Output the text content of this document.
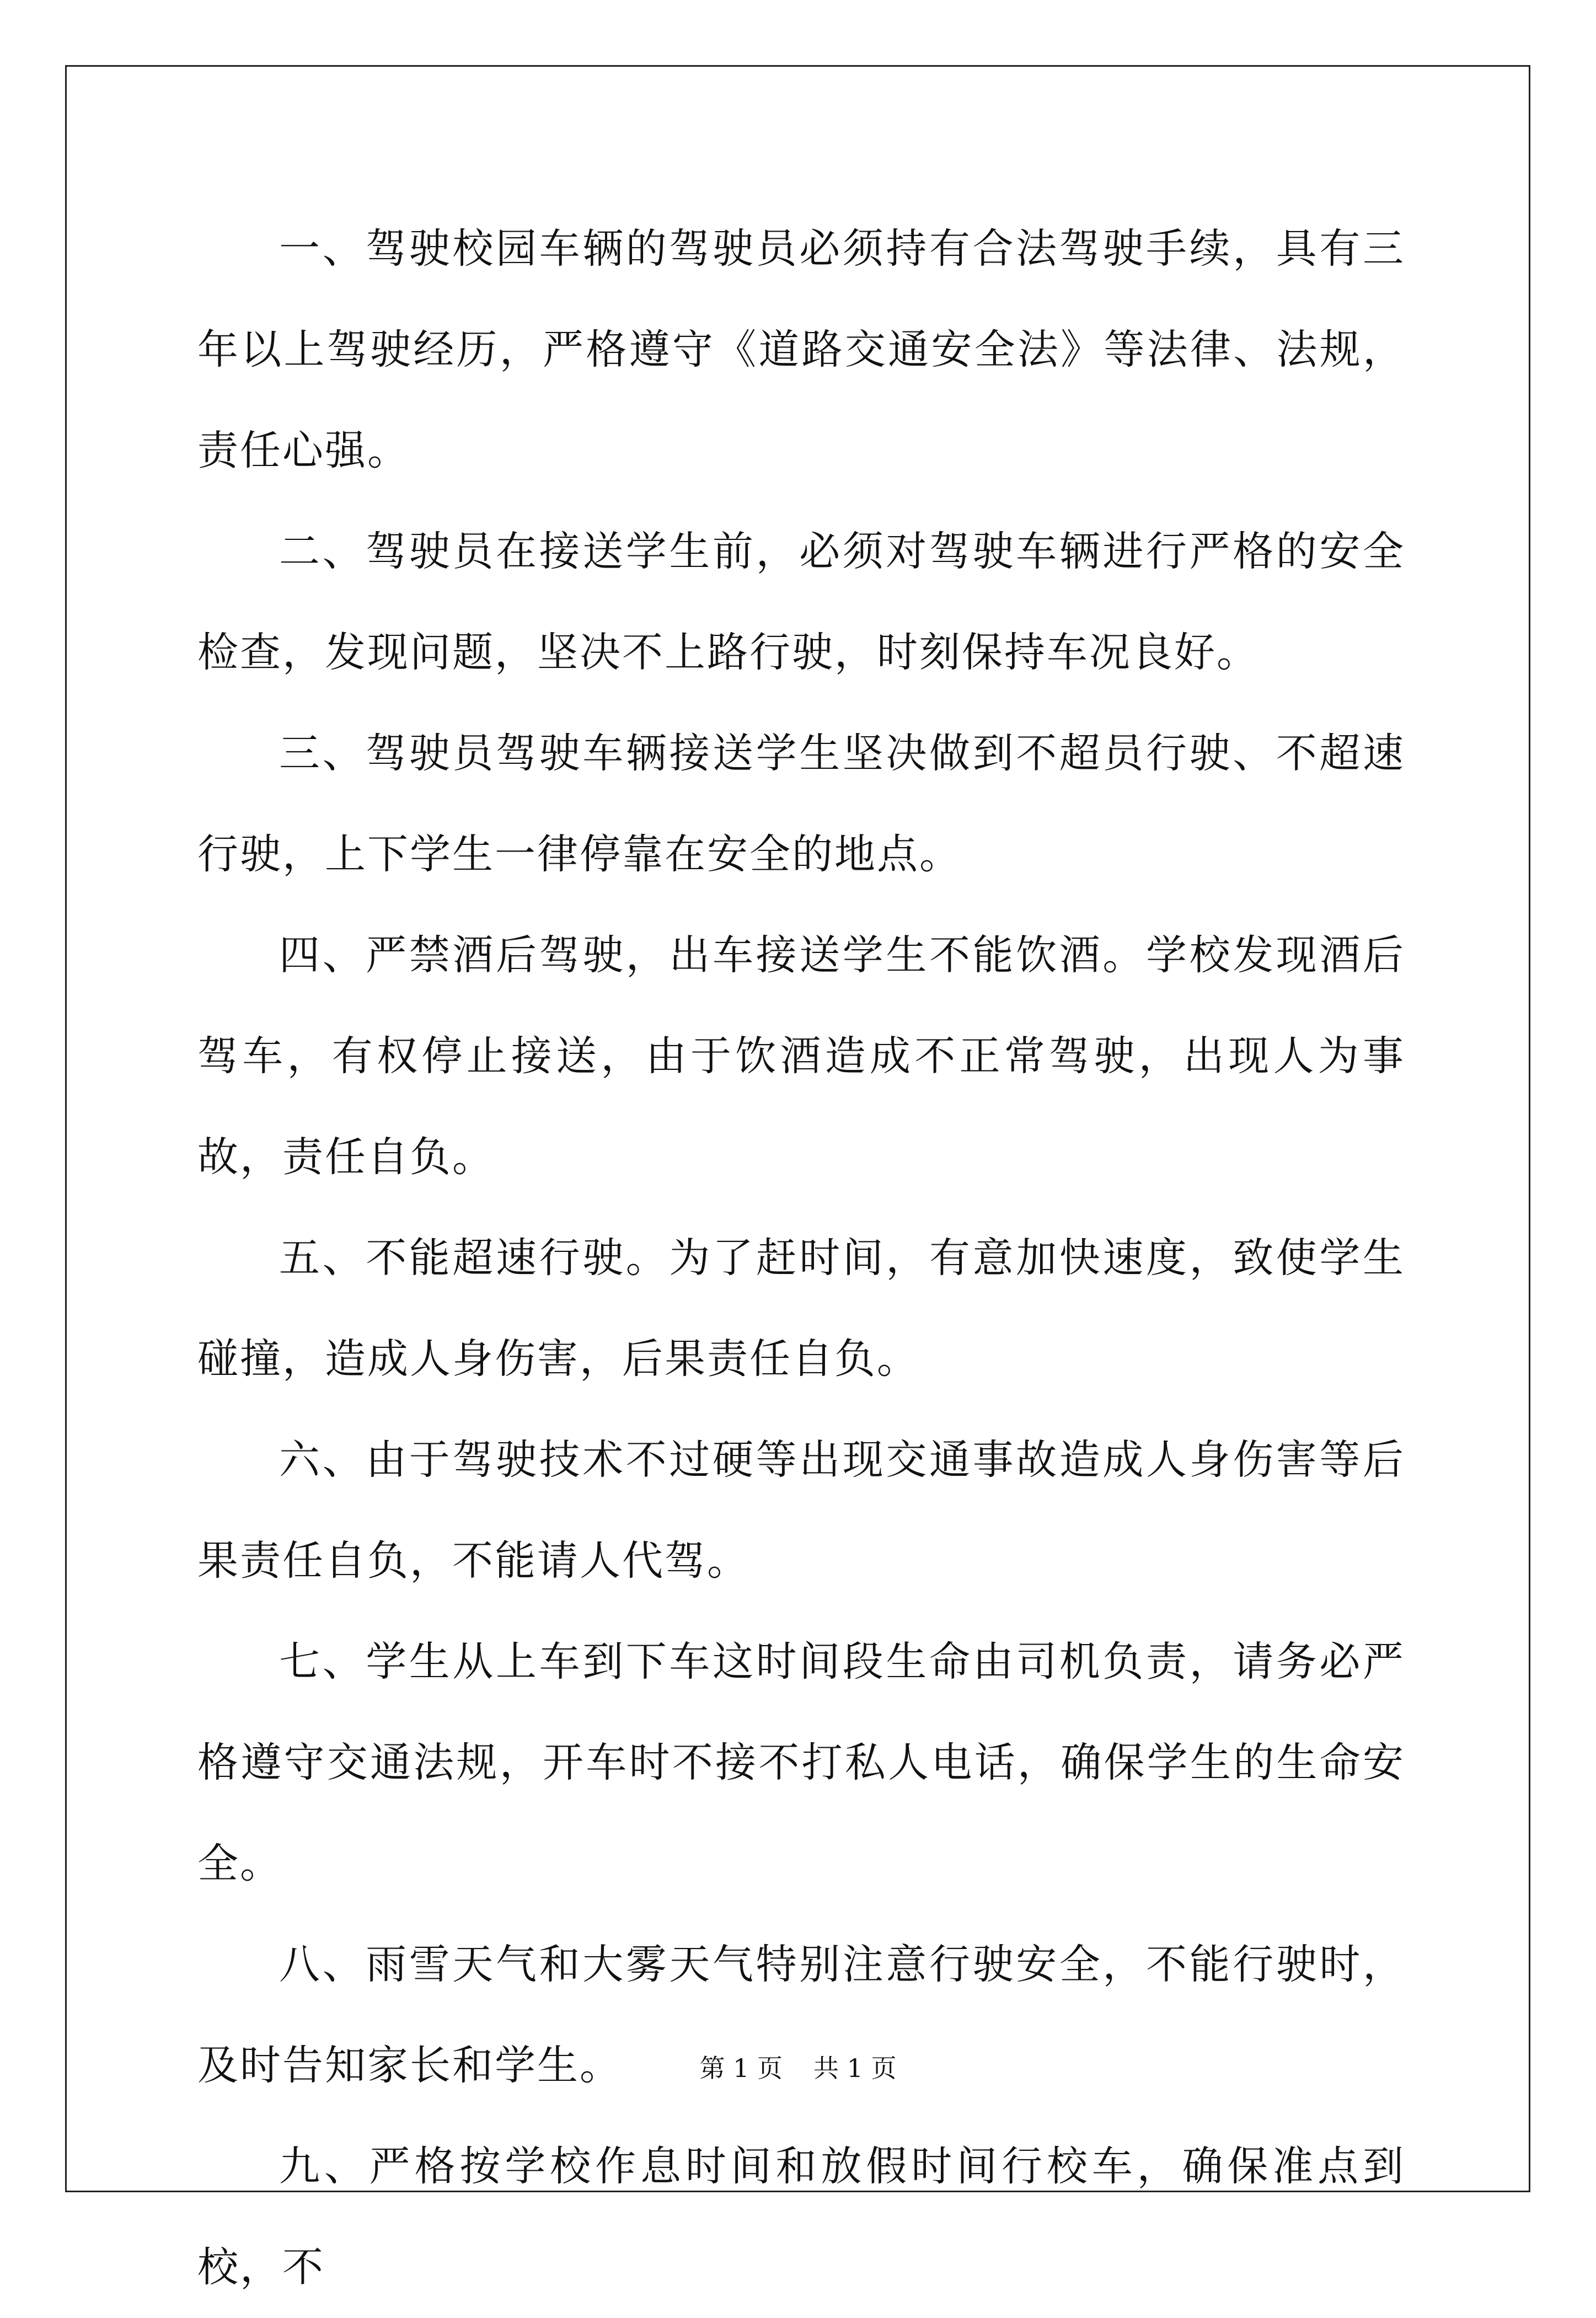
一、驾驶校园车辆的驾驶员必须持有合法驾驶手续，具有三年以上驾驶经历，严格遵守《道路交通安全法》等法律、法规，责任心强。

二、驾驶员在接送学生前，必须对驾驶车辆进行严格的安全检查，发现问题，坚决不上路行驶，时刻保持车况良好。

三、驾驶员驾驶车辆接送学生坚决做到不超员行驶、不超速行驶，上下学生一律停靠在安全的地点。

四、严禁酒后驾驶，出车接送学生不能饮酒。学校发现酒后驾车，有权停止接送，由于饮酒造成不正常驾驶，出现人为事故，责任自负。

五、不能超速行驶。为了赶时间，有意加快速度，致使学生碰撞，造成人身伤害，后果责任自负。

六、由于驾驶技术不过硬等出现交通事故造成人身伤害等后果责任自负，不能请人代驾。

七、学生从上车到下车这时间段生命由司机负责，请务必严格遵守交通法规，开车时不接不打私人电话，确保学生的生命安全。

八、雨雪天气和大雾天气特别注意行驶安全，不能行驶时，及时告知家长和学生。

九、严格按学校作息时间和放假时间行校车，确保准点到校，不

第 1 页 共 1 页
